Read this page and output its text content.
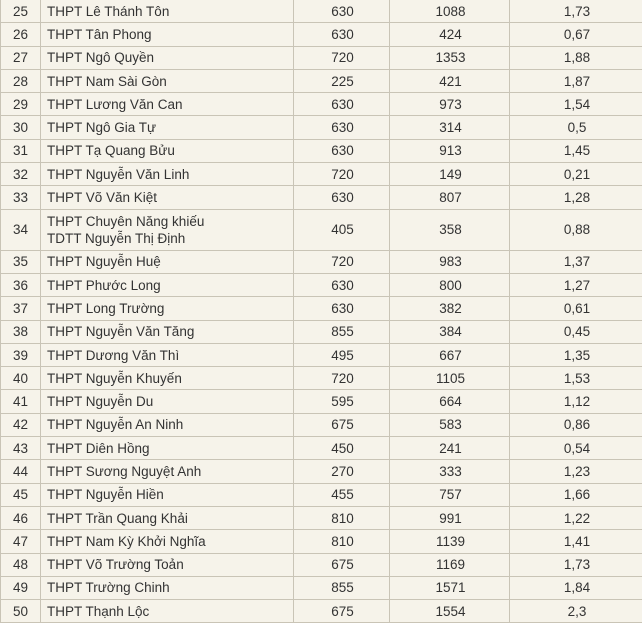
25	THPT Lê Thánh Tôn	630	1088	1,73
26	THPT Tân Phong	630	424	0,67
27	THPT Ngô Quyền	720	1353	1,88
28	THPT Nam Sài Gòn	225	421	1,87
29	THPT Lương Văn Can	630	973	1,54
30	THPT Ngô Gia Tự	630	314	0,5
31	THPT Tạ Quang Bửu	630	913	1,45
32	THPT Nguyễn Văn Linh	720	149	0,21
33	THPT Võ Văn Kiệt	630	807	1,28
34	THPT Chuyên Năng khiếu
TDTT Nguyễn Thị Định	405	358	0,88
35	THPT Nguyễn Huệ	720	983	1,37
36	THPT Phước Long	630	800	1,27
37	THPT Long Trường	630	382	0,61
38	THPT Nguyễn Văn Tăng	855	384	0,45
39	THPT Dương Văn Thì	495	667	1,35
40	THPT Nguyễn Khuyến	720	1105	1,53
41	THPT Nguyễn Du	595	664	1,12
42	THPT Nguyễn An Ninh	675	583	0,86
43	THPT Diên Hồng	450	241	0,54
44	THPT Sương Nguyệt Anh	270	333	1,23
45	THPT Nguyễn Hiền	455	757	1,66
46	THPT Trần Quang Khải	810	991	1,22
47	THPT Nam Kỳ Khởi Nghĩa	810	1139	1,41
48	THPT Võ Trường Toản	675	1169	1,73
49	THPT Trường Chinh	855	1571	1,84
50	THPT Thạnh Lộc	675	1554	2,3
